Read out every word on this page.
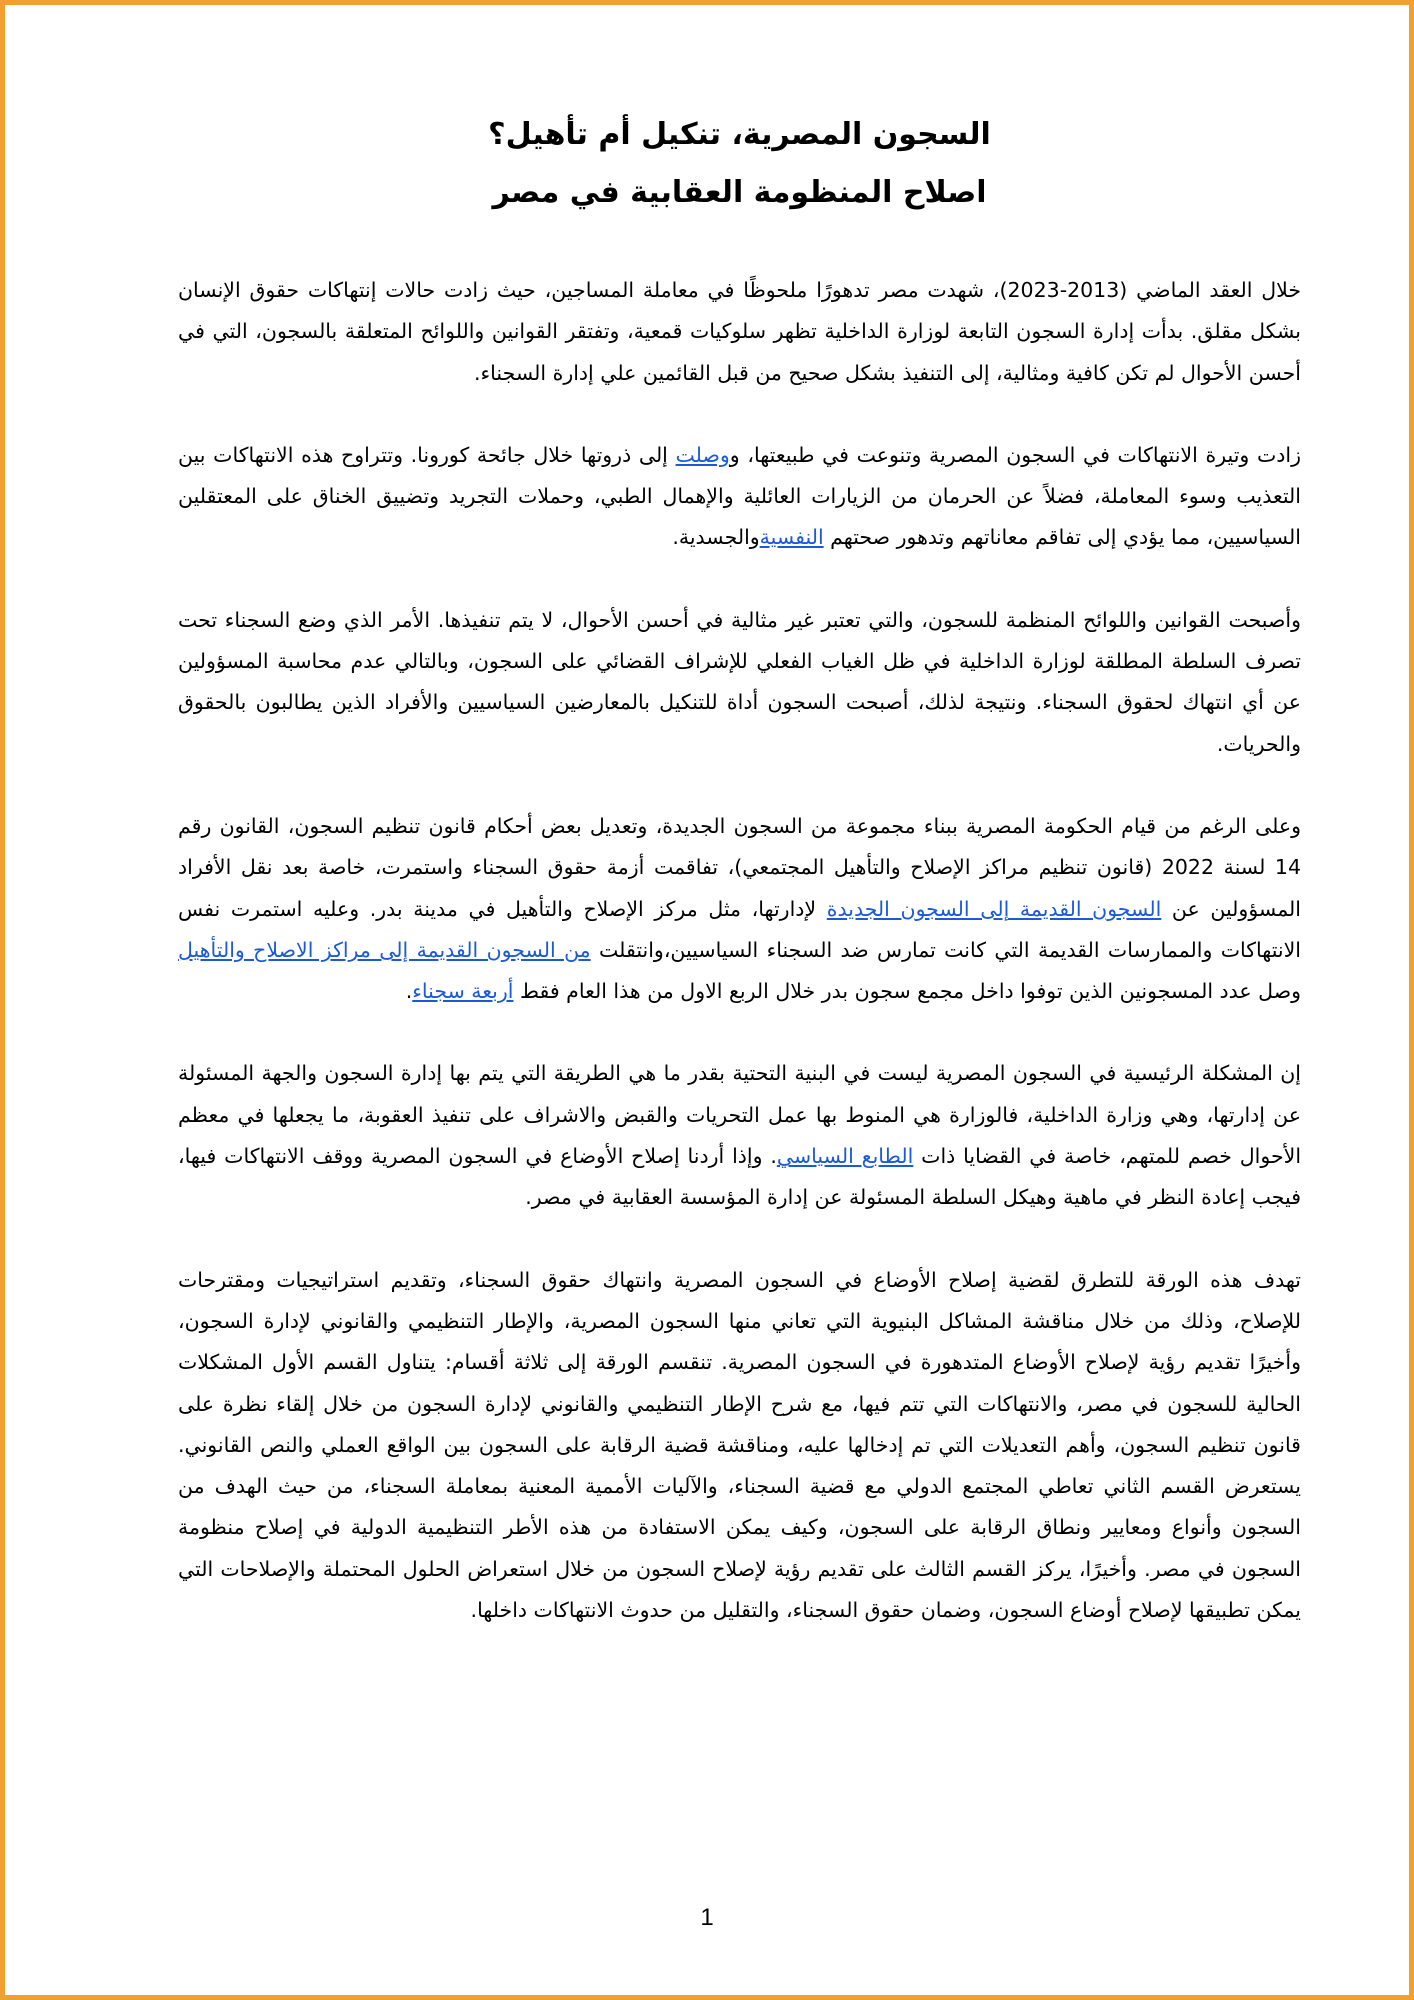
السجون المصرية، تنكيل أم تأهيل؟
اصلاح المنظومة العقابية في مصر

خلال العقد الماضي (2013-2023)، شهدت مصر تدهورًا ملحوظًا في معاملة المساجين، حيث زادت حالات إنتهاكات حقوق الإنسان بشكل مقلق. بدأت إدارة السجون التابعة لوزارة الداخلية تظهر سلوكيات قمعية، وتفتقر القوانين واللوائح المتعلقة بالسجون، التي في أحسن الأحوال لم تكن كافية ومثالية، إلى التنفيذ بشكل صحيح من قبل القائمين علي إدارة السجناء.

زادت وتيرة الانتهاكات في السجون المصرية وتنوعت في طبيعتها، ووصلت إلى ذروتها خلال جائحة كورونا. وتتراوح هذه الانتهاكات بين التعذيب وسوء المعاملة، فضلاً عن الحرمان من الزيارات العائلية والإهمال الطبي، وحملات التجريد وتضييق الخناق على المعتقلين السياسيين، مما يؤدي إلى تفاقم معاناتهم وتدهور صحتهم النفسيةوالجسدية.

وأصبحت القوانين واللوائح المنظمة للسجون، والتي تعتبر غير مثالية في أحسن الأحوال، لا يتم تنفيذها. الأمر الذي وضع السجناء تحت تصرف السلطة المطلقة لوزارة الداخلية في ظل الغياب الفعلي للإشراف القضائي على السجون، وبالتالي عدم محاسبة المسؤولين عن أي انتهاك لحقوق السجناء. ونتيجة لذلك، أصبحت السجون أداة للتنكيل بالمعارضين السياسيين والأفراد الذين يطالبون بالحقوق والحريات.

وعلى الرغم من قيام الحكومة المصرية ببناء مجموعة من السجون الجديدة، وتعديل بعض أحكام قانون تنظيم السجون، القانون رقم 14 لسنة 2022 (قانون تنظيم مراكز الإصلاح والتأهيل المجتمعي)، تفاقمت أزمة حقوق السجناء واستمرت، خاصة بعد نقل الأفراد المسؤولين عن السجون القديمة إلى السجون الجديدة لإدارتها، مثل مركز الإصلاح والتأهيل في مدينة بدر. وعليه استمرت نفس الانتهاكات والممارسات القديمة التي كانت تمارس ضد السجناء السياسيين،وانتقلت من السجون القديمة إلى مراكز الاصلاح والتأهيل وصل عدد المسجونين الذين توفوا داخل مجمع سجون بدر خلال الربع الاول من هذا العام فقط أربعة سجناء.

إن المشكلة الرئيسية في السجون المصرية ليست في البنية التحتية بقدر ما هي الطريقة التي يتم بها إدارة السجون والجهة المسئولة عن إدارتها، وهي وزارة الداخلية، فالوزارة هي المنوط بها عمل التحريات والقبض والاشراف على تنفيذ العقوبة، ما يجعلها في معظم الأحوال خصم للمتهم، خاصة في القضايا ذات الطابع السياسي. وإذا أردنا إصلاح الأوضاع في السجون المصرية ووقف الانتهاكات فيها، فيجب إعادة النظر في ماهية وهيكل السلطة المسئولة عن إدارة المؤسسة العقابية في مصر.

تهدف هذه الورقة للتطرق لقضية إصلاح الأوضاع في السجون المصرية وانتهاك حقوق السجناء، وتقديم استراتيجيات ومقترحات للإصلاح، وذلك من خلال مناقشة المشاكل البنيوية التي تعاني منها السجون المصرية، والإطار التنظيمي والقانوني لإدارة السجون، وأخيرًا تقديم رؤية لإصلاح الأوضاع المتدهورة في السجون المصرية. تنقسم الورقة إلى ثلاثة أقسام: يتناول القسم الأول المشكلات الحالية للسجون في مصر، والانتهاكات التي تتم فيها، مع شرح الإطار التنظيمي والقانوني لإدارة السجون من خلال إلقاء نظرة على قانون تنظيم السجون، وأهم التعديلات التي تم إدخالها عليه، ومناقشة قضية الرقابة على السجون بين الواقع العملي والنص القانوني. يستعرض القسم الثاني تعاطي المجتمع الدولي مع قضية السجناء، والآليات الأممية المعنية بمعاملة السجناء، من حيث الهدف من السجون وأنواع ومعايير ونطاق الرقابة على السجون، وكيف يمكن الاستفادة من هذه الأطر التنظيمية الدولية في إصلاح منظومة السجون في مصر. وأخيرًا، يركز القسم الثالث على تقديم رؤية لإصلاح السجون من خلال استعراض الحلول المحتملة والإصلاحات التي يمكن تطبيقها لإصلاح أوضاع السجون، وضمان حقوق السجناء، والتقليل من حدوث الانتهاكات داخلها.

1
